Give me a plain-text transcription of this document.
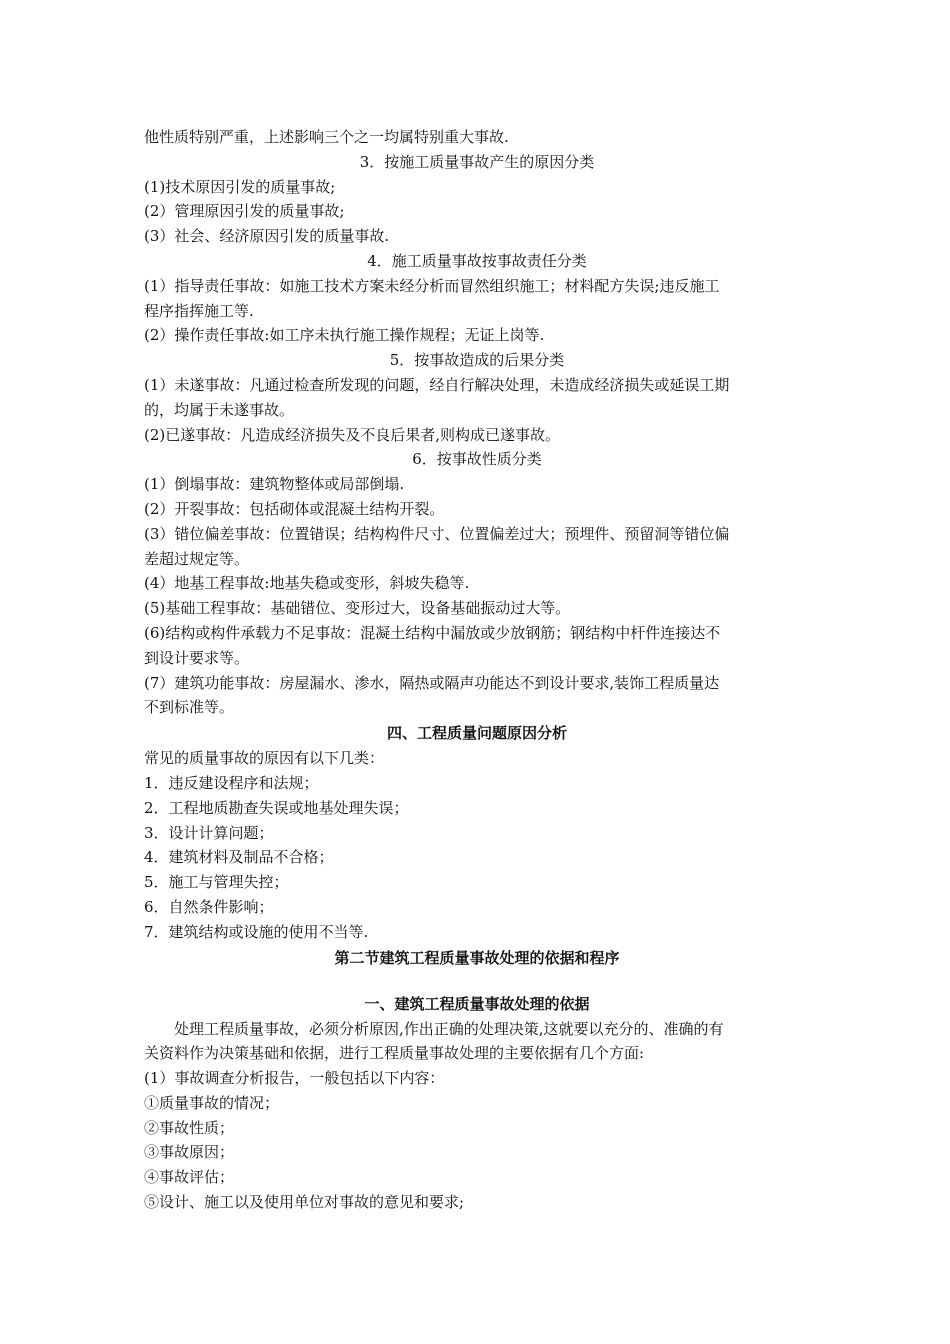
他性质特别严重，上述影响三个之一均属特别重大事故.
3．按施工质量事故产生的原因分类
(1)技术原因引发的质量事故;
(2）管理原因引发的质量事故;
(3）社会、经济原因引发的质量事故.
4．施工质量事故按事故责任分类
(1）指导责任事故：如施工技术方案未经分析而冒然组织施工；材料配方失误;违反施工
程序指挥施工等.
(2）操作责任事故:如工序未执行施工操作规程；无证上岗等.
5．按事故造成的后果分类
(1）未遂事故：凡通过检查所发现的问题，经自行解决处理，未造成经济损失或延误工期
的，均属于未遂事故。
(2)已遂事故：凡造成经济损失及不良后果者,则构成已遂事故。
6．按事故性质分类
(1）倒塌事故：建筑物整体或局部倒塌.
(2）开裂事故：包括砌体或混凝土结构开裂。
(3）错位偏差事故：位置错误；结构构件尺寸、位置偏差过大；预埋件、预留洞等错位偏
差超过规定等。
(4）地基工程事故:地基失稳或变形，斜坡失稳等.
(5)基础工程事故：基础错位、变形过大，设备基础振动过大等。
(6)结构或构件承载力不足事故：混凝土结构中漏放或少放钢筋；钢结构中杆件连接达不
到设计要求等。
(7）建筑功能事故：房屋漏水、渗水，隔热或隔声功能达不到设计要求,装饰工程质量达
不到标准等。
四、工程质量问题原因分析
常见的质量事故的原因有以下几类：
1．违反建设程序和法规；
2．工程地质勘查失误或地基处理失误；
3．设计计算问题；
4．建筑材料及制品不合格；
5．施工与管理失控；
6．自然条件影响；
7．建筑结构或设施的使用不当等.
第二节建筑工程质量事故处理的依据和程序
一、建筑工程质量事故处理的依据
处理工程质量事故，必须分析原因,作出正确的处理决策,这就要以充分的、准确的有
关资料作为决策基础和依据，进行工程质量事故处理的主要依据有几个方面:
(1）事故调查分析报告，一般包括以下内容：
①质量事故的情况；
②事故性质；
③事故原因；
④事故评估；
⑤设计、施工以及使用单位对事故的意见和要求;
